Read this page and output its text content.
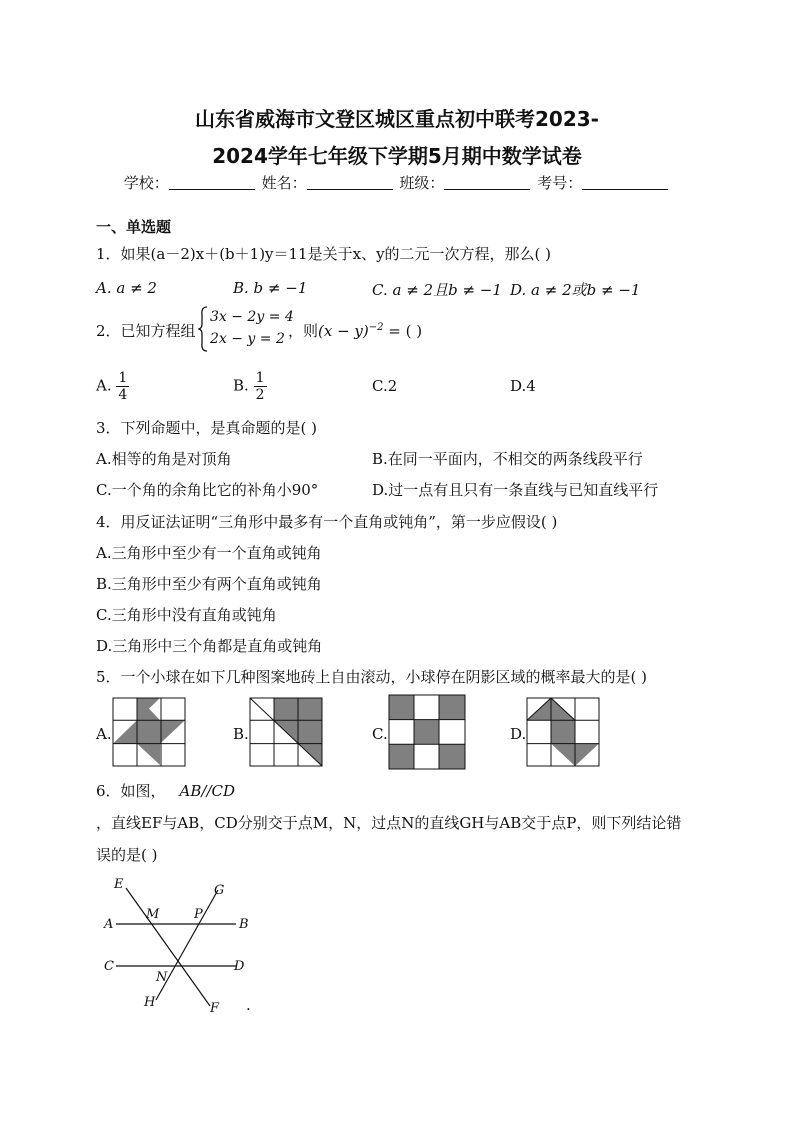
山东省威海市文登区城区重点初中联考2023-
2024学年七年级下学期5月期中数学试卷
学校：	姓名：	班级：	考号：
一、单选题
1．如果(a－2)x＋(b＋1)y＝11是关于x、y的二元一次方程，那么( )
A. a ≠ 2	B. b ≠ −1	C. a ≠ 2且b ≠ −1 D. a ≠ 2或b ≠ −1
2．已知方程组
3x − 2y = 4
2x − y = 2 ，则$(x - y)^{-2}$ = ( )
A. $\frac{1}{4}$	B. $\frac{1}{2}$	C.2	D.4
3．下列命题中，是真命题的是( )
A.相等的角是对顶角	B.在同一平面内，不相交的两条线段平行
C.一个角的余角比它的补角小90°	D.过一点有且只有一条直线与已知直线平行
4．用反证法证明“三角形中最多有一个直角或钝角”，第一步应假设( )
A.三角形中至少有一个直角或钝角
B.三角形中至少有两个直角或钝角
C.三角形中没有直角或钝角
D.三角形中三个角都是直角或钝角
5．一个小球在如下几种图案地砖上自由滚动，小球停在阴影区域的概率最大的是( )
A.	B.	C.	D.
6．如图， AB//CD
，直线EF与AB，CD分别交于点M，N，过点N的直线GH与AB交于点P，则下列结论错
误的是( )
E	G
A
M	P
B
C
N
D
H	F .
